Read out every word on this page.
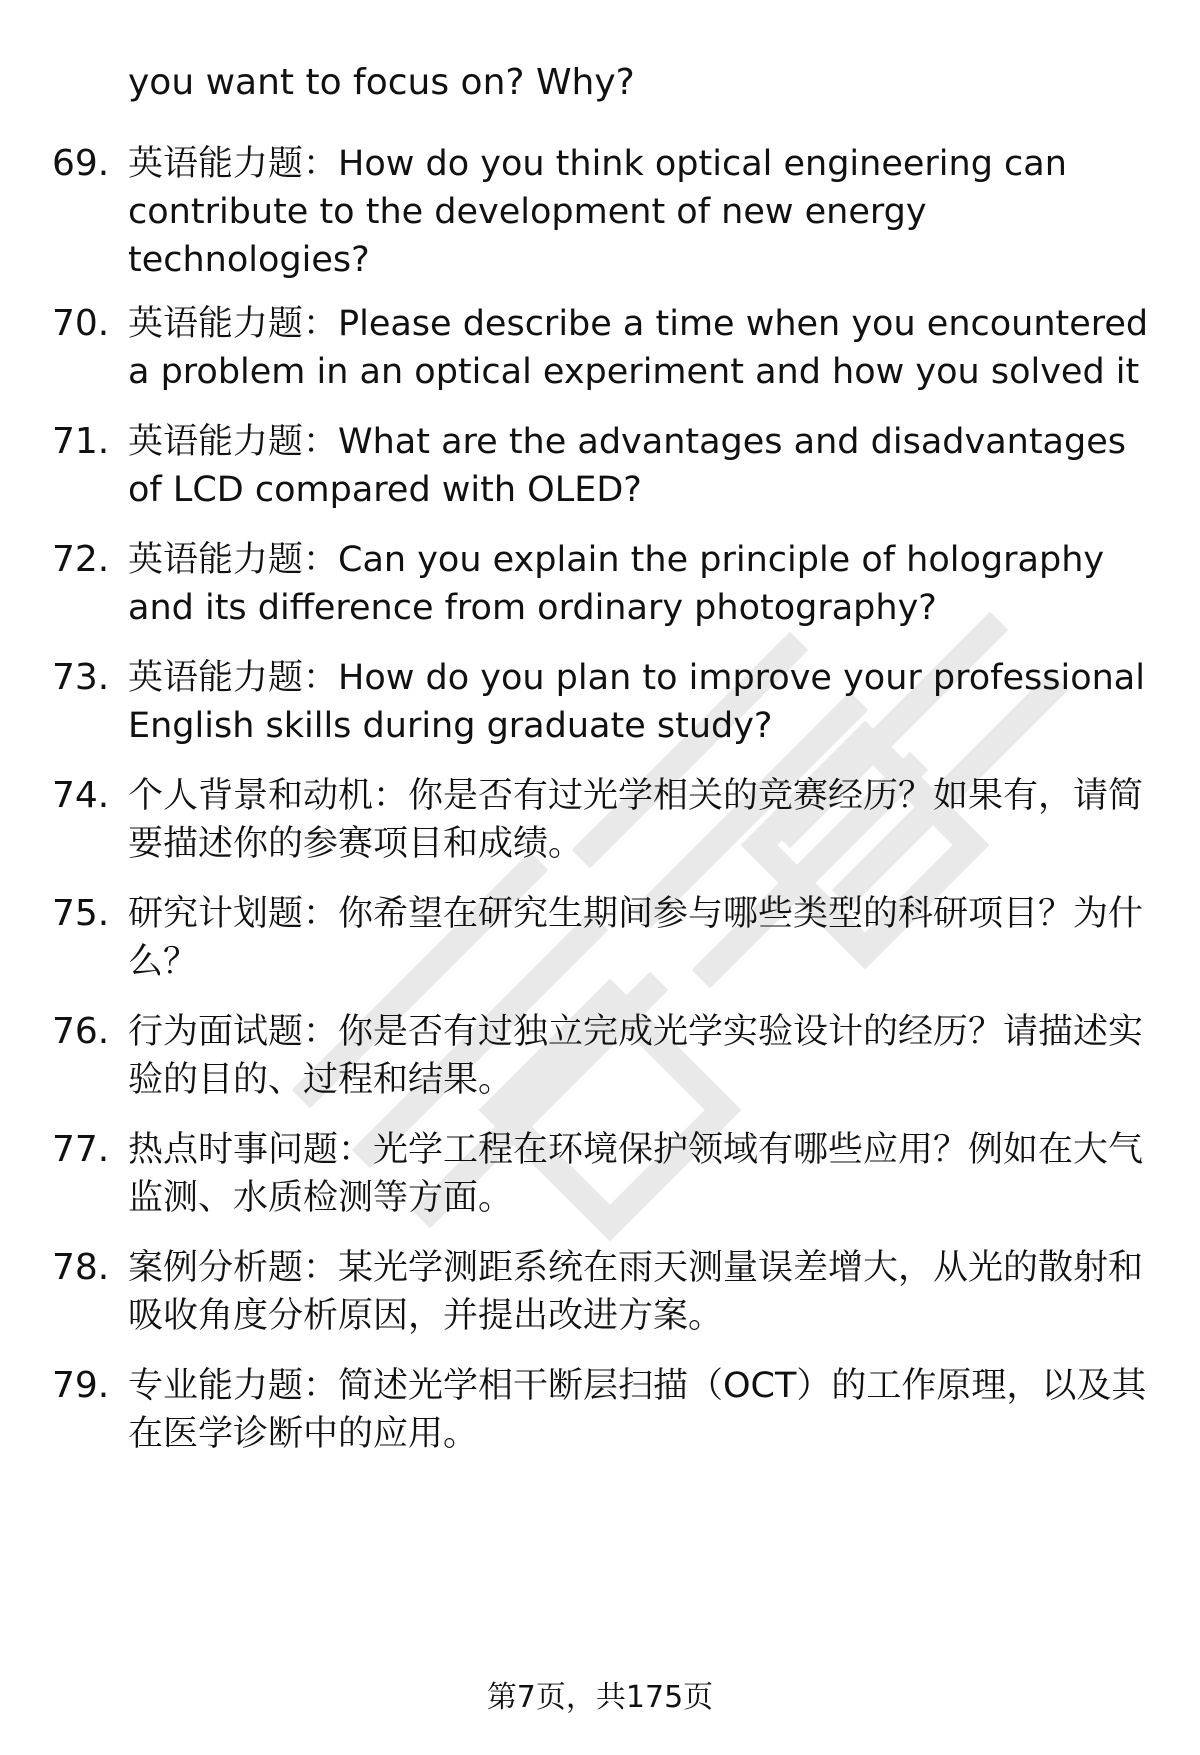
you want to focus on? Why?

69. 英语能力题：How do you think optical engineering can contribute to the development of new energy technologies?

70. 英语能力题：Please describe a time when you encountered a problem in an optical experiment and how you solved it

71. 英语能力题：What are the advantages and disadvantages of LCD compared with OLED?

72. 英语能力题：Can you explain the principle of holography and its difference from ordinary photography?

73. 英语能力题：How do you plan to improve your professional English skills during graduate study?

74. 个人背景和动机：你是否有过光学相关的竞赛经历？如果有，请简要描述你的参赛项目和成绩。

75. 研究计划题：你希望在研究生期间参与哪些类型的科研项目？为什么？

76. 行为面试题：你是否有过独立完成光学实验设计的经历？请描述实验的目的、过程和结果。

77. 热点时事问题：光学工程在环境保护领域有哪些应用？例如在大气监测、水质检测等方面。

78. 案例分析题：某光学测距系统在雨天测量误差增大，从光的散射和吸收角度分析原因，并提出改进方案。

79. 专业能力题：简述光学相干断层扫描（OCT）的工作原理，以及其在医学诊断中的应用。

第7页，共175页
